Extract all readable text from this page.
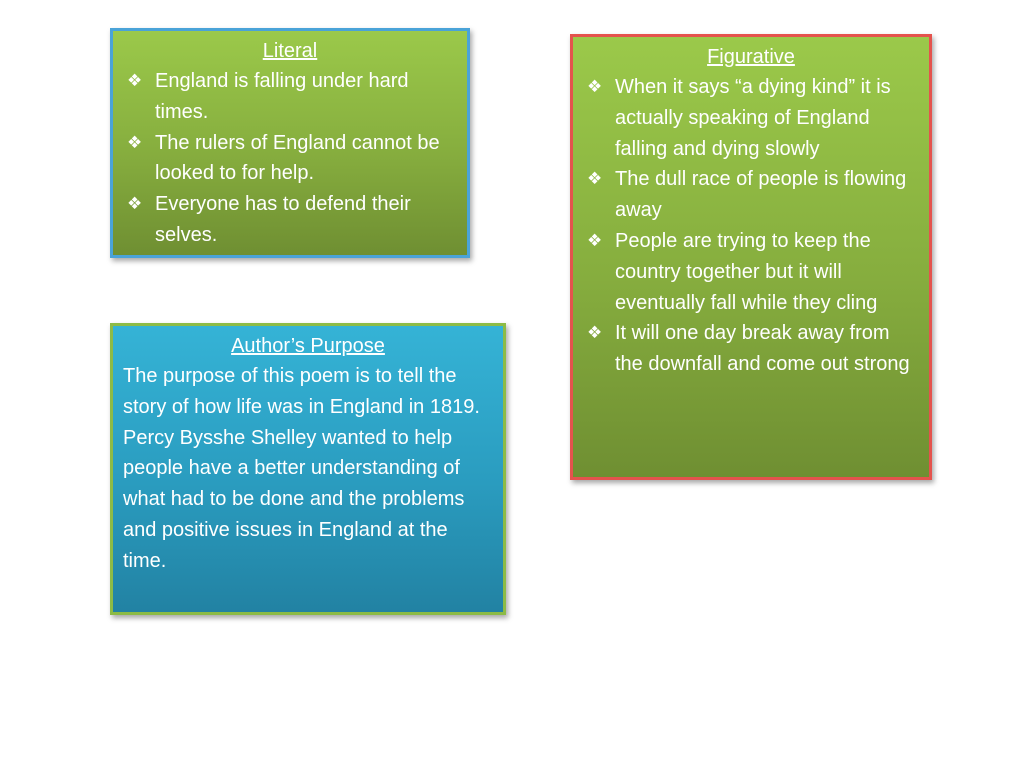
Literal

❖ England is falling under hard times.
❖ The rulers of England cannot be looked to for help.
❖ Everyone has to defend their selves.

Figurative

❖ When it says “a dying kind” it is actually speaking of England falling and dying slowly
❖ The dull race of people is flowing away
❖ People are trying to keep the country together but it will eventually fall while they cling
❖ It will one day break away from the downfall and come out strong

Author’s Purpose

The purpose of this poem is to tell the story of how life was in England in 1819. Percy Bysshe Shelley wanted to help people have a better understanding of what had to be done and the problems and positive issues in England at the time.
